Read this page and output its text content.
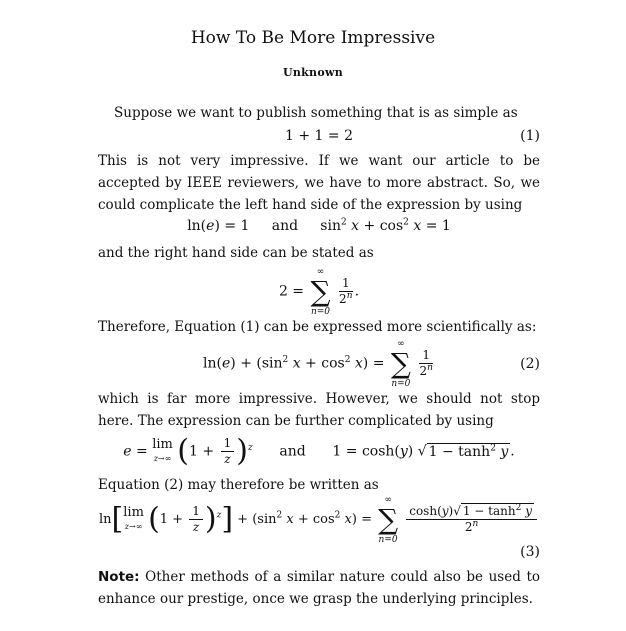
How To Be More Impressive
Unknown
Suppose we want to publish something that is as simple as
1 + 1 = 2	(1)
This is not very impressive. If we want our article to be accepted by IEEE reviewers, we have to more abstract. So, we could complicate the left hand side of the expression by using
ln(e) = 1     and     $\sin^2 x + \cos^2 x = 1$
and the right hand side can be stated as
2 = ∑
∞
n=0

$\frac{1}{2^n}$ .
Therefore, Equation (1) can be expressed more scientifically as:
$\ln(e) + (\sin^2$ $x + \cos^2 x$) = ∑
∞
n=0

$\frac{1}{2^n}$	(2)
which is far more impressive. However, we should not stop here. The expression can be further complicated by using
e = lim
z→∞ $(1 + \frac{1}{z} )^z$ and      1 = cosh(y) √ $1 - \tanh^2 y$ .
Equation (2) may therefore be written as
ln[lim
z→∞ $(1 + \frac{1}{z} )^z] + (\sin^2$ $x + \cos^2 x$) = ∑
∞
n=0

$\frac{\cosh(y)√ 1 - \tanh^2 y}{2^n}$
(3)
Note: Other methods of a similar nature could also be used to enhance our prestige, once we grasp the underlying principles.
